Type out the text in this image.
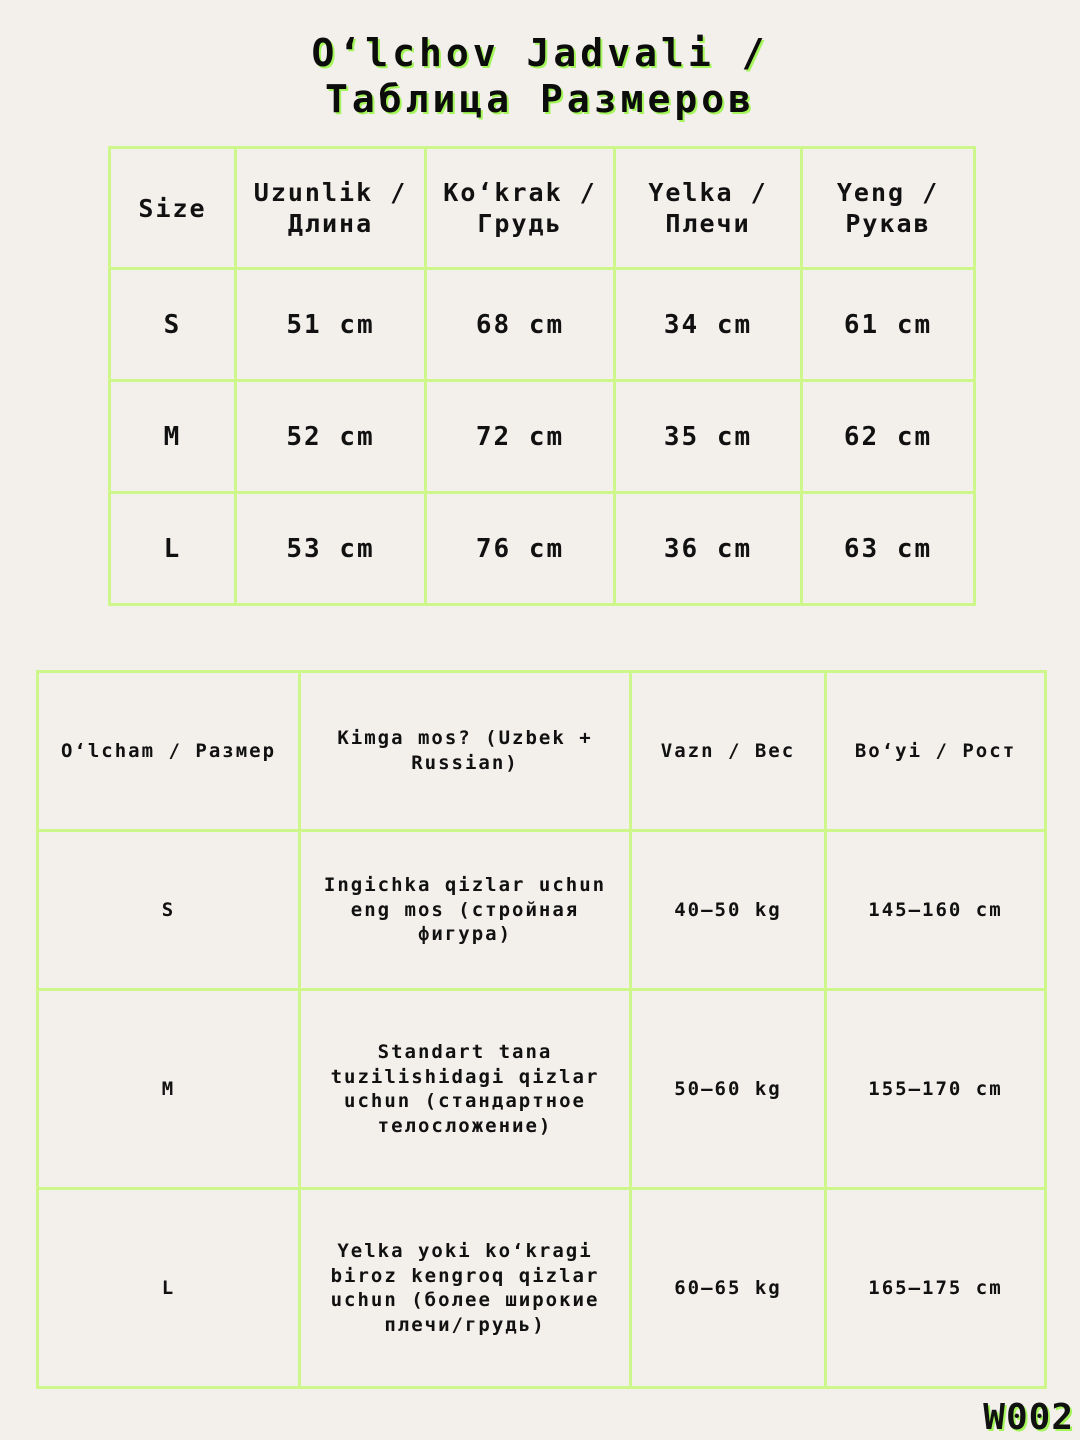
O‘lchov Jadvali /
Таблица Размеров
Size	Uzunlik / Длина	Ko‘krak / Грудь	Yelka / Плечи	Yeng / Рукав
S	51 cm	68 cm	34 cm	61 cm
M	52 cm	72 cm	35 cm	62 cm
L	53 cm	76 cm	36 cm	63 cm
O‘lcham / Размер	Kimga mos? (Uzbek + Russian)	Vazn / Вес	Bo‘yi / Рост
S	Ingichka qizlar uchun eng mos (стройная фигура)	40–50 kg	145–160 cm
M	Standart tana tuzilishidagi qizlar uchun (стандартное телосложение)	50–60 kg	155–170 cm
L	Yelka yoki ko‘kragi biroz kengroq qizlar uchun (более широкие плечи/грудь)	60–65 kg	165–175 cm
W002
